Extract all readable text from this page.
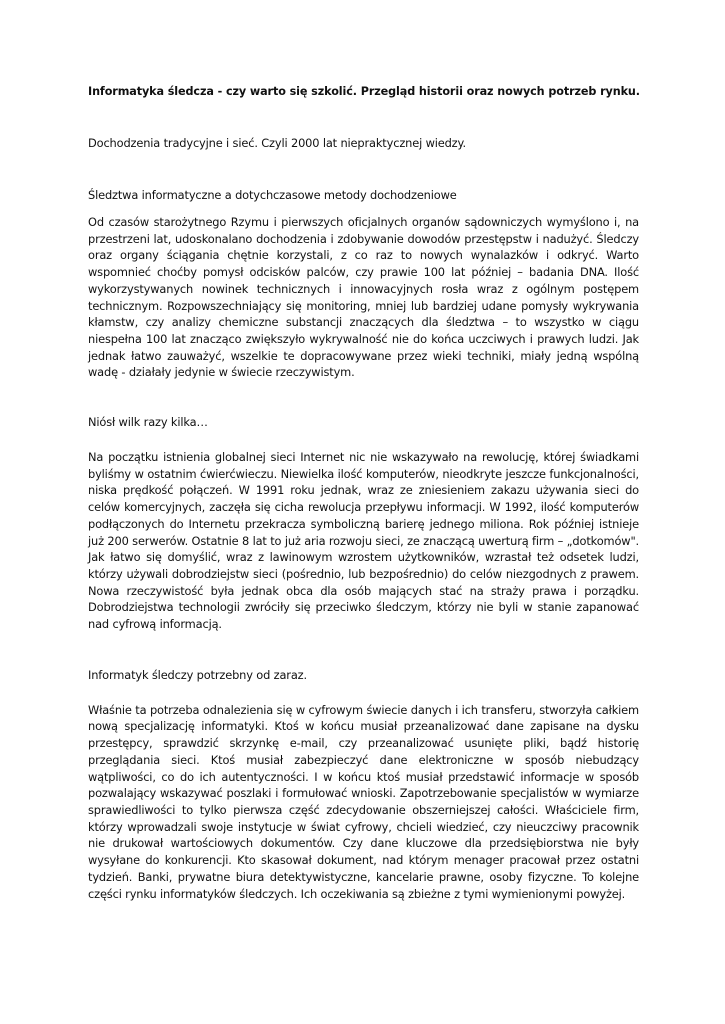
Informatyka śledcza - czy warto się szkolić. Przegląd historii oraz nowych potrzeb rynku.

Dochodzenia tradycyjne i sieć. Czyli 2000 lat niepraktycznej wiedzy.

Śledztwa informatyczne a dotychczasowe metody dochodzeniowe

Od czasów starożytnego Rzymu i pierwszych oficjalnych organów sądowniczych wymyślono i, na przestrzeni lat, udoskonalano dochodzenia i zdobywanie dowodów przestępstw i nadużyć. Śledczy oraz organy ściągania chętnie korzystali, z co raz to nowych wynalazków i odkryć. Warto wspomnieć choćby pomysł odcisków palców, czy prawie 100 lat później – badania DNA. Ilość wykorzystywanych nowinek technicznych i innowacyjnych rosła wraz z ogólnym postępem technicznym. Rozpowszechniający się monitoring, mniej lub bardziej udane pomysły wykrywania kłamstw, czy analizy chemiczne substancji znaczących dla śledztwa – to wszystko w ciągu niespełna 100 lat znacząco zwiększyło wykrywalność nie do końca uczciwych i prawych ludzi. Jak jednak łatwo zauważyć, wszelkie te dopracowywane przez wieki techniki, miały jedną wspólną wadę - działały jedynie w świecie rzeczywistym.

Niósł wilk razy kilka…

Na początku istnienia globalnej sieci Internet nic nie wskazywało na rewolucję, której świadkami byliśmy w ostatnim ćwierćwieczu. Niewielka ilość komputerów, nieodkryte jeszcze funkcjonalności, niska prędkość połączeń. W 1991 roku jednak, wraz ze zniesieniem zakazu używania sieci do celów komercyjnych, zaczęła się cicha rewolucja przepływu informacji. W 1992, ilość komputerów podłączonych do Internetu przekracza symboliczną barierę jednego miliona. Rok później istnieje już 200 serwerów. Ostatnie 8 lat to już aria rozwoju sieci, ze znaczącą uwerturą firm – „dotkomów". Jak łatwo się domyślić, wraz z lawinowym wzrostem użytkowników, wzrastał też odsetek ludzi, którzy używali dobrodziejstw sieci (pośrednio, lub bezpośrednio) do celów niezgodnych z prawem. Nowa rzeczywistość była jednak obca dla osób mających stać na straży prawa i porządku. Dobrodziejstwa technologii zwróciły się przeciwko śledczym, którzy nie byli w stanie zapanować nad cyfrową informacją.

Informatyk śledczy potrzebny od zaraz.

Właśnie ta potrzeba odnalezienia się w cyfrowym świecie danych i ich transferu, stworzyła całkiem nową specjalizację informatyki. Ktoś w końcu musiał przeanalizować dane zapisane na dysku przestępcy, sprawdzić skrzynkę e-mail, czy przeanalizować usunięte pliki, bądź historię przeglądania sieci. Ktoś musiał zabezpieczyć dane elektroniczne w sposób niebudzący wątpliwości, co do ich autentyczności. I w końcu ktoś musiał przedstawić informacje w sposób pozwalający wskazywać poszlaki i formułować wnioski. Zapotrzebowanie specjalistów w wymiarze sprawiedliwości to tylko pierwsza część zdecydowanie obszerniejszej całości. Właściciele firm, którzy wprowadzali swoje instytucje w świat cyfrowy, chcieli wiedzieć, czy nieuczciwy pracownik nie drukował wartościowych dokumentów. Czy dane kluczowe dla przedsiębiorstwa nie były wysyłane do konkurencji. Kto skasował dokument, nad którym menager pracował przez ostatni tydzień. Banki, prywatne biura detektywistyczne, kancelarie prawne, osoby fizyczne. To kolejne części rynku informatyków śledczych. Ich oczekiwania są zbieżne z tymi wymienionymi powyżej.
